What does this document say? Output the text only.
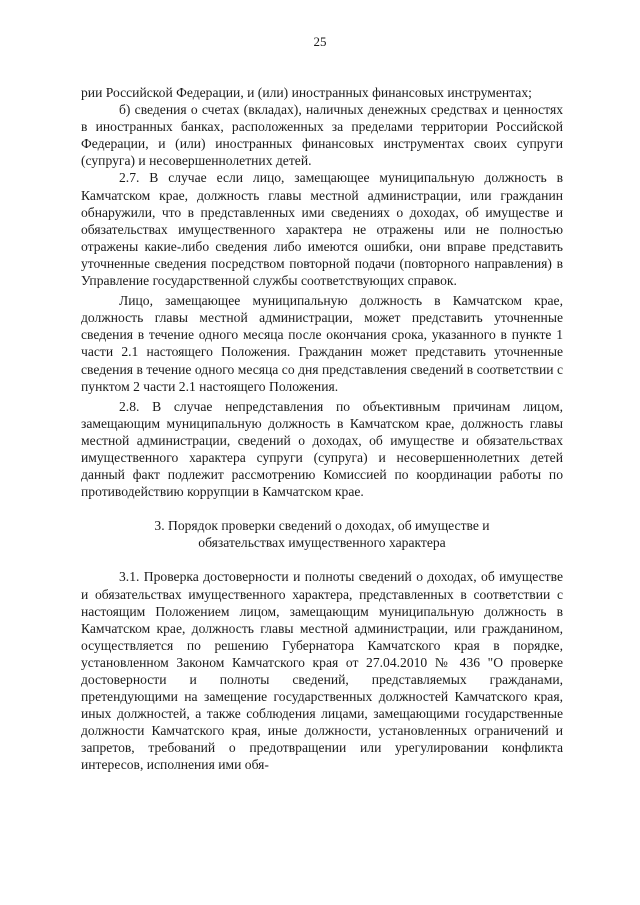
25

рии Российской Федерации, и (или) иностранных финансовых инструментах;

б) сведения о счетах (вкладах), наличных денежных средствах и ценностях в иностранных банках, расположенных за пределами территории Российской Федерации, и (или) иностранных финансовых инструментах своих супруги (супруга) и несовершеннолетних детей.

2.7. В случае если лицо, замещающее муниципальную должность в Камчатском крае, должность главы местной администрации, или гражданин обнаружили, что в представленных ими сведениях о доходах, об имуществе и обязательствах имущественного характера не отражены или не полностью отражены какие-либо сведения либо имеются ошибки, они вправе представить уточненные сведения посредством повторной подачи (повторного направления) в Управление государственной службы соответствующих справок.

Лицо, замещающее муниципальную должность в Камчатском крае, должность главы местной администрации, может представить уточненные сведения в течение одного месяца после окончания срока, указанного в пункте 1 части 2.1 настоящего Положения. Гражданин может представить уточненные сведения в течение одного месяца со дня представления сведений в соответствии с пунктом 2 части 2.1 настоящего Положения.

2.8. В случае непредставления по объективным причинам лицом, замещающим муниципальную должность в Камчатском крае, должность главы местной администрации, сведений о доходах, об имуществе и обязательствах имущественного характера супруги (супруга) и несовершеннолетних детей данный факт подлежит рассмотрению Комиссией по координации работы по противодействию коррупции в Камчатском крае.

3. Порядок проверки сведений о доходах, об имуществе и
обязательствах имущественного характера

3.1. Проверка достоверности и полноты сведений о доходах, об имуществе и обязательствах имущественного характера, представленных в соответствии с настоящим Положением лицом, замещающим муниципальную должность в Камчатском крае, должность главы местной администрации, или гражданином, осуществляется по решению Губернатора Камчатского края в порядке, установленном Законом Камчатского края от 27.04.2010 № 436 "О проверке достоверности и полноты сведений, представляемых гражданами, претендующими на замещение государственных должностей Камчатского края, иных должностей, а также соблюдения лицами, замещающими государственные должности Камчатского края, иные должности, установленных ограничений и запретов, требований о предотвращении или урегулировании конфликта интересов, исполнения ими обя-
